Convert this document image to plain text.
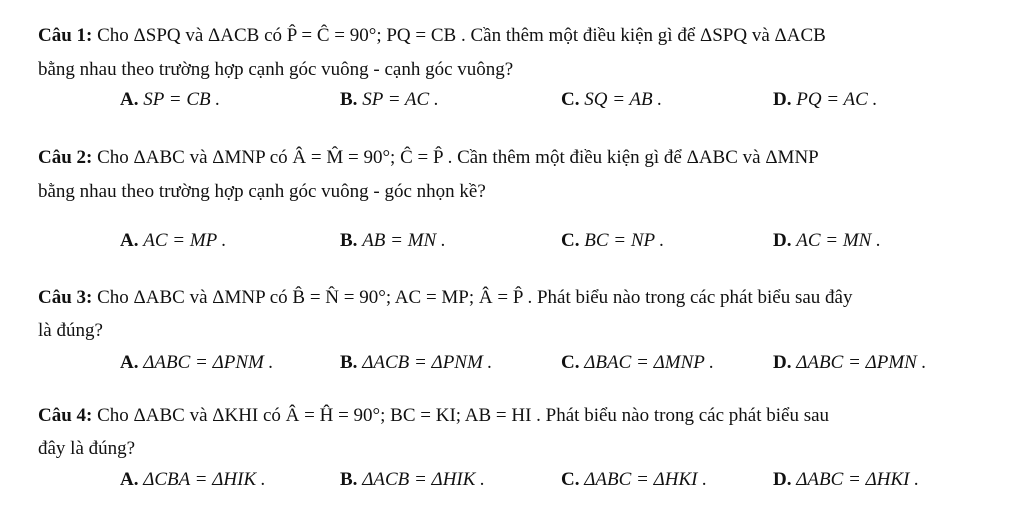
Câu 1: Cho ΔSPQ và ΔACB có P̂ = Ĉ = 90°; PQ = CB . Cần thêm một điều kiện gì để ΔSPQ và ΔACB
bằng nhau theo trường hợp cạnh góc vuông - cạnh góc vuông?
A. SP = CB .	B. SP = AC .	C. SQ = AB .	D. PQ = AC .
Câu 2: Cho ΔABC và ΔMNP có Â = M̂ = 90°; Ĉ = P̂ . Cần thêm một điều kiện gì để ΔABC và ΔMNP
bằng nhau theo trường hợp cạnh góc vuông - góc nhọn kề?
A. AC = MP .	B. AB = MN .	C. BC = NP .	D. AC = MN .
Câu 3: Cho ΔABC và ΔMNP có B̂ = N̂ = 90°; AC = MP; Â = P̂ . Phát biểu nào trong các phát biểu sau đây
là đúng?
A. ΔABC = ΔPNM .	B. ΔACB = ΔPNM .	C. ΔBAC = ΔMNP .	D. ΔABC = ΔPMN .
Câu 4: Cho ΔABC và ΔKHI có Â = Ĥ = 90°; BC = KI; AB = HI . Phát biểu nào trong các phát biểu sau
đây là đúng?
A. ΔCBA = ΔHIK .	B. ΔACB = ΔHIK .	C. ΔABC = ΔHKI .	D. ΔABC = ΔHKI .
